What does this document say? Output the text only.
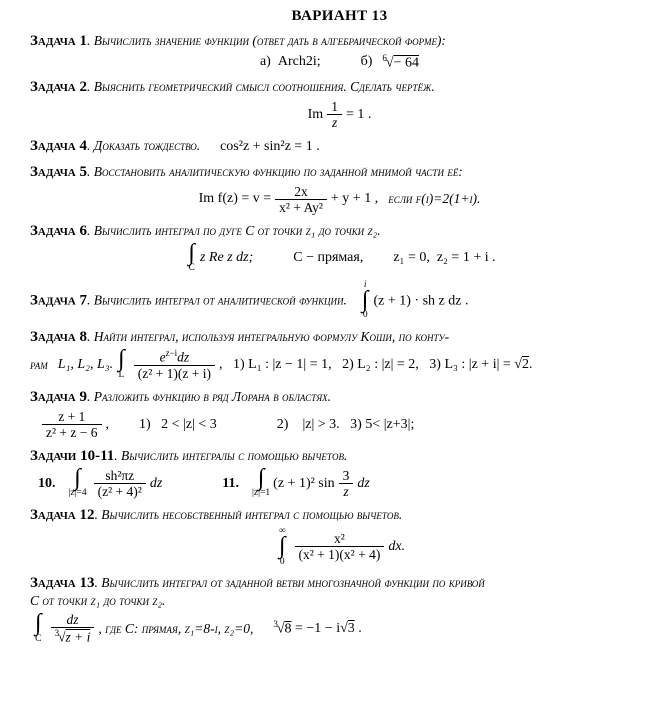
ВАРИАНТ 13

Задача 1. Вычислить значение функции (ответ дать в алгебраической форме):

а)  Arch2i;	б) $^6$√− 64

Задача 2. Выяснить геометрический смысл соотношения. Сделать чертёж.

Im $\frac{1}{z} = 1$ .

Задача 4. Доказать тождество. cos²z + sin²z = 1 .

Задача 5. Восстановить аналитическую функцию по заданной мнимой части её:

Im $f(z) = v = \frac{2x}{\text{x² + Ay²}} + y + 1$ , если f(i)=2(1+i).

Задача 6. Вычислить интеграл по дуге C от точки z₁ до точки z₂.

∫
C
z Re z dz;	C − прямая, z₁ = 0,  z₂ = 1 + i .

Задача 7. Вычислить интеграл от аналитической функции.
i
∫
0
(z + 1) · sh z dz .

Задача 8. Найти интеграл, используя интегральную формулу Коши, по конту-

рам L₁, L₂, L₃. ∫
L $\frac{e^{z-i}dz}{\text{(z² + 1)(z + i)}}$ ,   1) L₁ : |z − 1| = 1,   2) L₂ : |z| = 2,   3) L₃ : |z + i| = √2 .

Задача 9. Разложить функцию в ряд Лорана в областях.

$\frac{z + 1}{\text{z² + z − 6}}$ , 1)   2 < |z| < 3	2)    |z| > 3.   3) 5< |z+3|;

Задачи 10-11. Вычислить интегралы с помощью вычетов.

10. ∫
$|z|=4 \frac{\text{sh²πz}}{\text{(z² + 4)²}}$ dz	11. ∫
|z|=1
(z + 1)² $\sin \frac{3}{z}$ dz

Задача 12. Вычислить несобственный интеграл с помощью вычетов.

∞
∫
$0 \frac{\text{x²}}{\text{(x² + 1)(x² + 4)}}$ dx.

Задача 13. Вычислить интеграл от заданной ветви многозначной функции по кривой

C от точки z₁ до точки z₂.

∫
C $\frac{dz}{^3√z + i}$ , где C: прямая, z₁=8-i, z₂=0, $^3$√8 = −1 − i √3 .
